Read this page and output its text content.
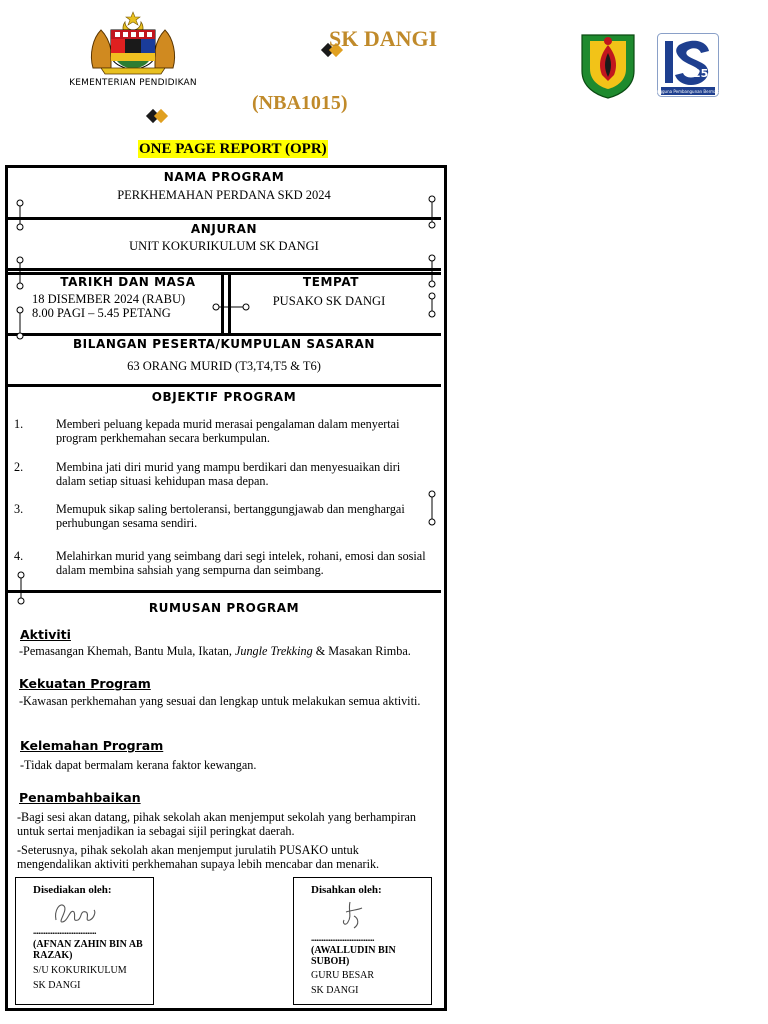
KEMENTERIAN PENDIDIKAN
SK DANGI
(NBA1015)
25
Pengguna Pembangunan Bermakna
ONE PAGE REPORT (OPR)
NAMA PROGRAM
PERKHEMAHAN PERDANA SKD 2024
ANJURAN
UNIT KOKURIKULUM SK DANGI
TARIKH DAN MASA
18 DISEMBER 2024 (RABU)
8.00 PAGI – 5.45 PETANG
TEMPAT
PUSAKO SK DANGI
BILANGAN PESERTA/KUMPULAN SASARAN
63 ORANG MURID (T3,T4,T5 & T6)
OBJEKTIF PROGRAM
1.	Memberi peluang kepada murid merasai pengalaman dalam menyertai program perkhemahan secara berkumpulan.
2.	Membina jati diri murid yang mampu berdikari dan menyesuaikan diri dalam setiap situasi kehidupan masa depan.
3.	Memupuk sikap saling bertoleransi, bertanggungjawab dan menghargai perhubungan sesama sendiri.
4.	Melahirkan murid yang seimbang dari segi intelek, rohani, emosi dan sosial dalam membina sahsiah yang sempurna dan seimbang.
RUMUSAN PROGRAM
Aktiviti
-Pemasangan Khemah, Bantu Mula, Ikatan, Jungle Trekking & Masakan Rimba.
Kekuatan Program
-Kawasan perkhemahan yang sesuai dan lengkap untuk melakukan semua aktiviti.
Kelemahan Program
-Tidak dapat bermalam kerana faktor kewangan.
Penambahbaikan
-Bagi sesi akan datang, pihak sekolah akan menjemput sekolah yang berhampiran untuk sertai menjadikan ia sebagai sijil peringkat daerah.
-Seterusnya, pihak sekolah akan menjemput jurulatih PUSAKO untuk mengendalikan aktiviti perkhemahan supaya lebih mencabar dan menarik.
Disediakan oleh:
....................................
(AFNAN ZAHIN BIN AB RAZAK)
S/U KOKURIKULUM
SK DANGI
Disahkan oleh:
....................................
(AWALLUDIN BIN SUBOH)
GURU BESAR
SK DANGI
